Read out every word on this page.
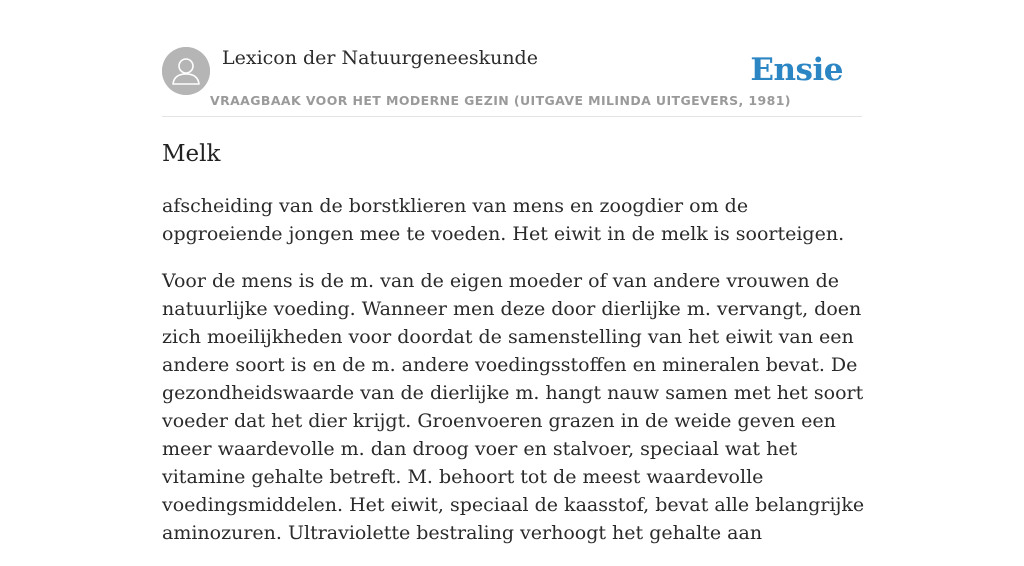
Lexicon der Natuurgeneeskunde
VRAAGBAAK VOOR HET MODERNE GEZIN (UITGAVE MILINDA UITGEVERS, 1981)
Ensie
Melk

afscheiding van de borstklieren van mens en zoogdier om de opgroeiende jongen mee te voeden. Het eiwit in de melk is soorteigen.

Voor de mens is de m. van de eigen moeder of van andere vrouwen de natuurlijke voeding. Wanneer men deze door dierlijke m. vervangt, doen zich moeilijkheden voor doordat de samenstelling van het eiwit van een andere soort is en de m. andere voedingsstoffen en mineralen bevat. De gezondheidswaarde van de dierlijke m. hangt nauw samen met het soort voeder dat het dier krijgt. Groenvoeren grazen in de weide geven een meer waardevolle m. dan droog voer en stalvoer, speciaal wat het vitamine gehalte betreft. M. behoort tot de meest waardevolle voedingsmiddelen. Het eiwit, speciaal de kaasstof, bevat alle belangrijke aminozuren. Ultraviolette bestraling verhoogt het gehalte aan
